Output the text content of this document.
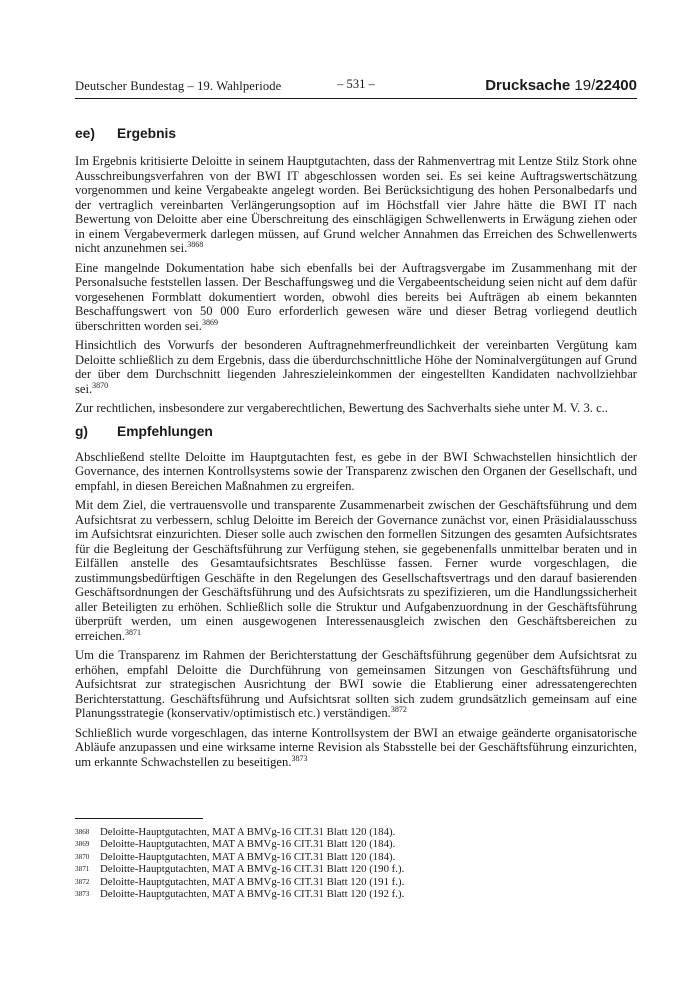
Deutscher Bundestag – 19. Wahlperiode	– 531 –	Drucksache 19/22400
ee)	Ergebnis

Im Ergebnis kritisierte Deloitte in seinem Hauptgutachten, dass der Rahmenvertrag mit Lentze Stilz Stork ohne Ausschreibungsverfahren von der BWI IT abgeschlossen worden sei. Es sei keine Auftragswertschätzung vorgenommen und keine Vergabeakte angelegt worden. Bei Berücksichtigung des hohen Personalbedarfs und der vertraglich vereinbarten Verlängerungsoption auf im Höchstfall vier Jahre hätte die BWI IT nach Bewertung von Deloitte aber eine Überschreitung des einschlägigen Schwellenwerts in Erwägung ziehen oder in einem Vergabevermerk darlegen müssen, auf Grund welcher Annahmen das Erreichen des Schwellenwerts nicht anzunehmen sei.$^{3868}$

Eine mangelnde Dokumentation habe sich ebenfalls bei der Auftragsvergabe im Zusammenhang mit der Personalsuche feststellen lassen. Der Beschaffungsweg und die Vergabeentscheidung seien nicht auf dem dafür vorgesehenen Formblatt dokumentiert worden, obwohl dies bereits bei Aufträgen ab einem bekannten Beschaffungswert von 50 000 Euro erforderlich gewesen wäre und dieser Betrag vorliegend deutlich überschritten worden sei.$^{3869}$

Hinsichtlich des Vorwurfs der besonderen Auftragnehmerfreundlichkeit der vereinbarten Vergütung kam Deloitte schließlich zu dem Ergebnis, dass die überdurchschnittliche Höhe der Nominalvergütungen auf Grund der über dem Durchschnitt liegenden Jahreszieleinkommen der eingestellten Kandidaten nachvollziehbar sei.$^{3870}$

Zur rechtlichen, insbesondere zur vergaberechtlichen, Bewertung des Sachverhalts siehe unter M. V. 3. c..

g)	Empfehlungen

Abschließend stellte Deloitte im Hauptgutachten fest, es gebe in der BWI Schwachstellen hinsichtlich der Governance, des internen Kontrollsystems sowie der Transparenz zwischen den Organen der Gesellschaft, und empfahl, in diesen Bereichen Maßnahmen zu ergreifen.

Mit dem Ziel, die vertrauensvolle und transparente Zusammenarbeit zwischen der Geschäftsführung und dem Aufsichtsrat zu verbessern, schlug Deloitte im Bereich der Governance zunächst vor, einen Präsidialausschuss im Aufsichtsrat einzurichten. Dieser solle auch zwischen den formellen Sitzungen des gesamten Aufsichtsrates für die Begleitung der Geschäftsführung zur Verfügung stehen, sie gegebenenfalls unmittelbar beraten und in Eilfällen anstelle des Gesamtaufsichtsrates Beschlüsse fassen. Ferner wurde vorgeschlagen, die zustimmungsbedürftigen Geschäfte in den Regelungen des Gesellschaftsvertrags und den darauf basierenden Geschäftsordnungen der Geschäftsführung und des Aufsichtsrats zu spezifizieren, um die Handlungssicherheit aller Beteiligten zu erhöhen. Schließlich solle die Struktur und Aufgabenzuordnung in der Geschäftsführung überprüft werden, um einen ausgewogenen Interessenausgleich zwischen den Geschäftsbereichen zu erreichen.$^{3871}$

Um die Transparenz im Rahmen der Berichterstattung der Geschäftsführung gegenüber dem Aufsichtsrat zu erhöhen, empfahl Deloitte die Durchführung von gemeinsamen Sitzungen von Geschäftsführung und Aufsichtsrat zur strategischen Ausrichtung der BWI sowie die Etablierung einer adressatengerechten Berichterstattung. Geschäftsführung und Aufsichtsrat sollten sich zudem grundsätzlich gemeinsam auf eine Planungsstrategie (konservativ/optimistisch etc.) verständigen.$^{3872}$

Schließlich wurde vorgeschlagen, das interne Kontrollsystem der BWI an etwaige geänderte organisatorische Abläufe anzupassen und eine wirksame interne Revision als Stabsstelle bei der Geschäftsführung einzurichten, um erkannte Schwachstellen zu beseitigen.$^{3873}$

3868 Deloitte-Hauptgutachten, MAT A BMVg-16 CIT.31 Blatt 120 (184).
3869 Deloitte-Hauptgutachten, MAT A BMVg-16 CIT.31 Blatt 120 (184).
3870 Deloitte-Hauptgutachten, MAT A BMVg-16 CIT.31 Blatt 120 (184).
3871 Deloitte-Hauptgutachten, MAT A BMVg-16 CIT.31 Blatt 120 (190 f.).
3872 Deloitte-Hauptgutachten, MAT A BMVg-16 CIT.31 Blatt 120 (191 f.).
3873 Deloitte-Hauptgutachten, MAT A BMVg-16 CIT.31 Blatt 120 (192 f.).
